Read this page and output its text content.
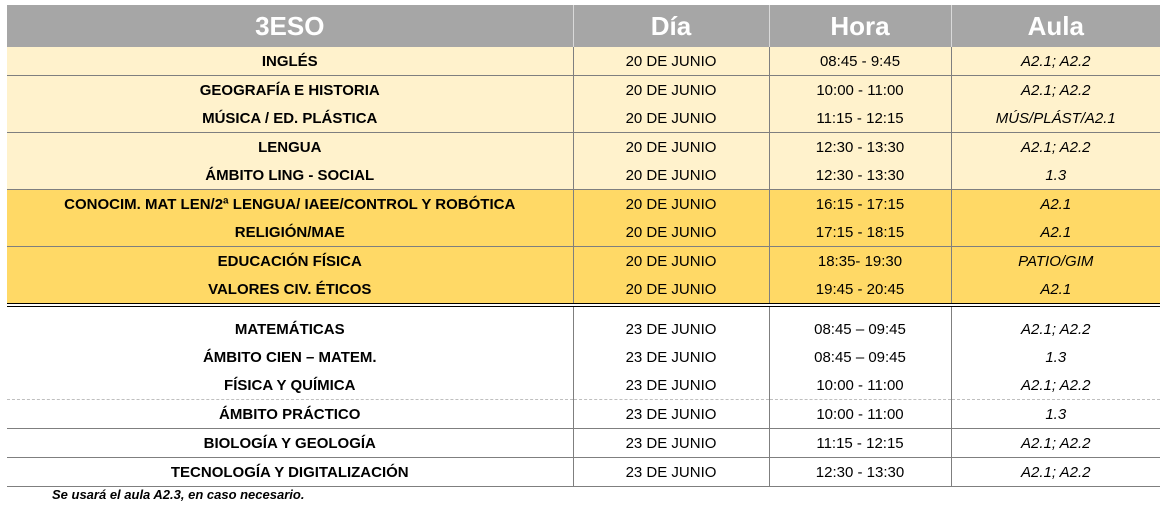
3ESO	Día	Hora	Aula
INGLÉS	20 DE JUNIO	08:45 - 9:45	A2.1; A2.2
GEOGRAFÍA E HISTORIA	20 DE JUNIO	10:00 - 11:00	A2.1; A2.2
MÚSICA / ED. PLÁSTICA	20 DE JUNIO	11:15 - 12:15	MÚS/PLÁST/A2.1
LENGUA	20 DE JUNIO	12:30 - 13:30	A2.1; A2.2
ÁMBITO LING - SOCIAL	20 DE JUNIO	12:30 - 13:30	1.3
CONOCIM. MAT LEN/2ª LENGUA/ IAEE/CONTROL Y ROBÓTICA	20 DE JUNIO	16:15 - 17:15	A2.1
RELIGIÓN/MAE	20 DE JUNIO	17:15 - 18:15	A2.1
EDUCACIÓN FÍSICA	20 DE JUNIO	18:35- 19:30	PATIO/GIM
VALORES CIV. ÉTICOS	20 DE JUNIO	19:45 - 20:45	A2.1

MATEMÁTICAS	23 DE JUNIO	08:45 – 09:45	A2.1; A2.2
ÁMBITO CIEN – MATEM.	23 DE JUNIO	08:45 – 09:45	1.3
FÍSICA Y QUÍMICA	23 DE JUNIO	10:00 - 11:00	A2.1; A2.2
ÁMBITO PRÁCTICO	23 DE JUNIO	10:00 - 11:00	1.3
BIOLOGÍA Y GEOLOGÍA	23 DE JUNIO	11:15 - 12:15	A2.1; A2.2
TECNOLOGÍA Y DIGITALIZACIÓN	23 DE JUNIO	12:30 - 13:30	A2.1; A2.2
Se usará el aula A2.3, en caso necesario.
